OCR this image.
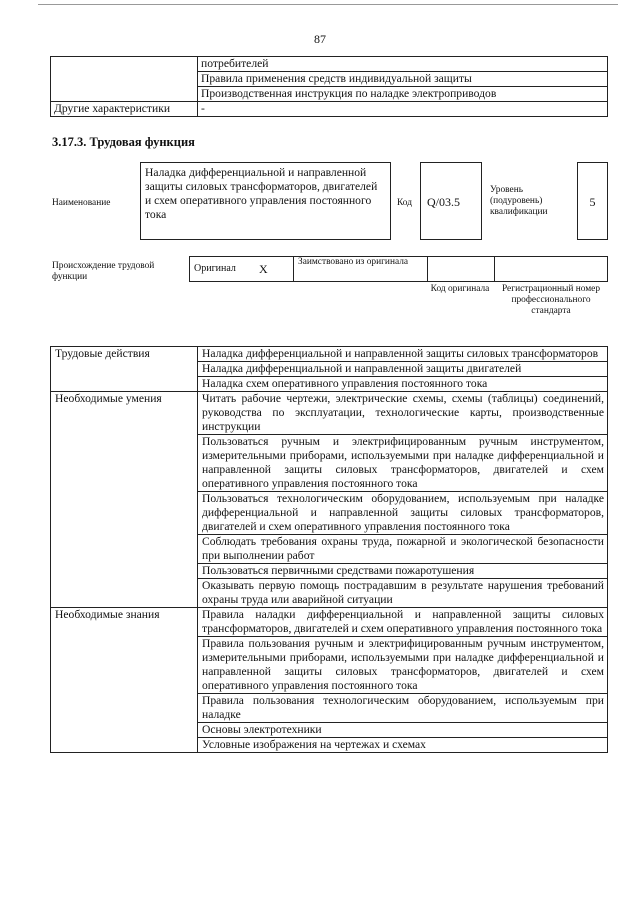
87
	потребителей
	Правила применения средств индивидуальной защиты
	Производственная инструкция по наладке электроприводов
Другие характеристики	-
3.17.3. Трудовая функция
Наименование
Наладка дифференциальной и направленной защиты силовых трансформаторов, двигателей и схем оперативного управления постоянного тока
Код	Q/03.5
Уровень (подуровень) квалификации
5
Происхождение трудовой функции
Оригинал	X	Заимствовано из оригинала		
Код оригинала	Регистрационный номер профессионального стандарта
Трудовые действия	Наладка дифференциальной и направленной защиты силовых трансформаторов
	Наладка дифференциальной и направленной защиты двигателей
	Наладка схем оперативного управления постоянного тока
Необходимые умения	Читать рабочие чертежи, электрические схемы, схемы (таблицы) соединений, руководства по эксплуатации, технологические карты, производственные инструкции
	Пользоваться ручным и электрифицированным ручным инструментом, измерительными приборами, используемыми при наладке дифференциальной и направленной защиты силовых трансформаторов, двигателей и схем оперативного управления постоянного тока
	Пользоваться технологическим оборудованием, используемым при наладке дифференциальной и направленной защиты силовых трансформаторов, двигателей и схем оперативного управления постоянного тока
	Соблюдать требования охраны труда, пожарной и экологической безопасности при выполнении работ
	Пользоваться первичными средствами пожаротушения
	Оказывать первую помощь пострадавшим в результате нарушения требований охраны труда или аварийной ситуации
Необходимые знания	Правила наладки дифференциальной и направленной защиты силовых трансформаторов, двигателей и схем оперативного управления постоянного тока
	Правила пользования ручным и электрифицированным ручным инструментом, измерительными приборами, используемыми при наладке дифференциальной и направленной защиты силовых трансформаторов, двигателей и схем оперативного управления постоянного тока
	Правила пользования технологическим оборудованием, используемым при наладке
	Основы электротехники
	Условные изображения на чертежах и схемах
